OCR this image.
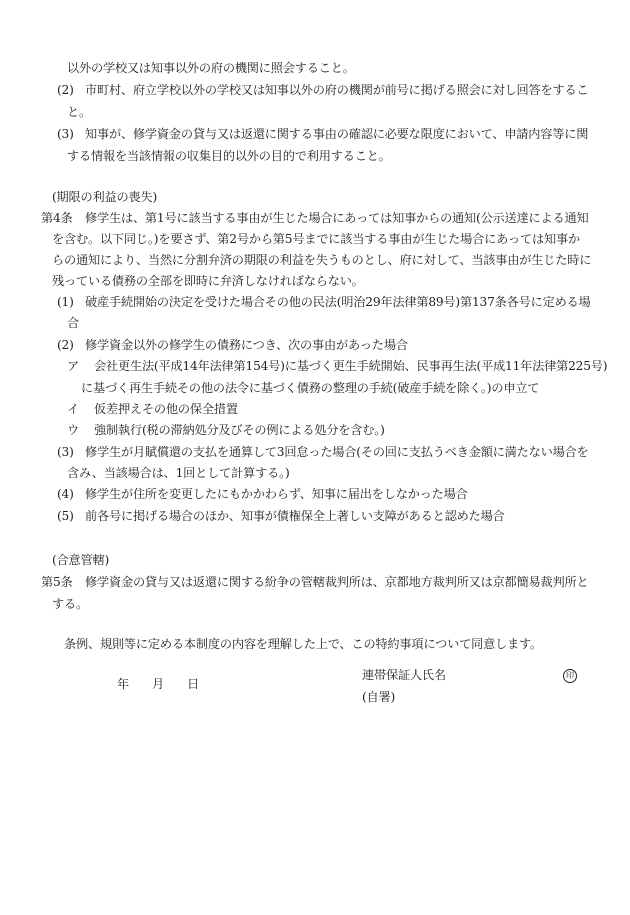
以外の学校又は知事以外の府の機関に照会すること。
(2) 市町村、府立学校以外の学校又は知事以外の府の機関が前号に掲げる照会に対し回答をするこ
と。
(3) 知事が、修学資金の貸与又は返還に関する事由の確認に必要な限度において、申請内容等に関
する情報を当該情報の収集目的以外の目的で利用すること。
(期限の利益の喪失)
第4条 修学生は、第1号に該当する事由が生じた場合にあっては知事からの通知(公示送達による通知
を含む。以下同じ。)を要さず、第2号から第5号までに該当する事由が生じた場合にあっては知事か
らの通知により、当然に分割弁済の期限の利益を失うものとし、府に対して、当該事由が生じた時に
残っている債務の全部を即時に弁済しなければならない。
(1) 破産手続開始の決定を受けた場合その他の民法(明治29年法律第89号)第137条各号に定める場
合
(2) 修学資金以外の修学生の債務につき、次の事由があった場合
ア 会社更生法(平成14年法律第154号)に基づく更生手続開始、民事再生法(平成11年法律第225号)
に基づく再生手続その他の法令に基づく債務の整理の手続(破産手続を除く。)の申立て
イ 仮差押えその他の保全措置
ウ 強制執行(税の滞納処分及びその例による処分を含む。)
(3) 修学生が月賦償還の支払を通算して3回怠った場合(その回に支払うべき金額に満たない場合を
含み、当該場合は、1回として計算する。)
(4) 修学生が住所を変更したにもかかわらず、知事に届出をしなかった場合
(5) 前各号に掲げる場合のほか、知事が債権保全上著しい支障があると認めた場合
(合意管轄)
第5条 修学資金の貸与又は返還に関する紛争の管轄裁判所は、京都地方裁判所又は京都簡易裁判所と
する。
条例、規則等に定める本制度の内容を理解した上で、この特約事項について同意します。
年 月 日
連帯保証人氏名	印
(自署)
